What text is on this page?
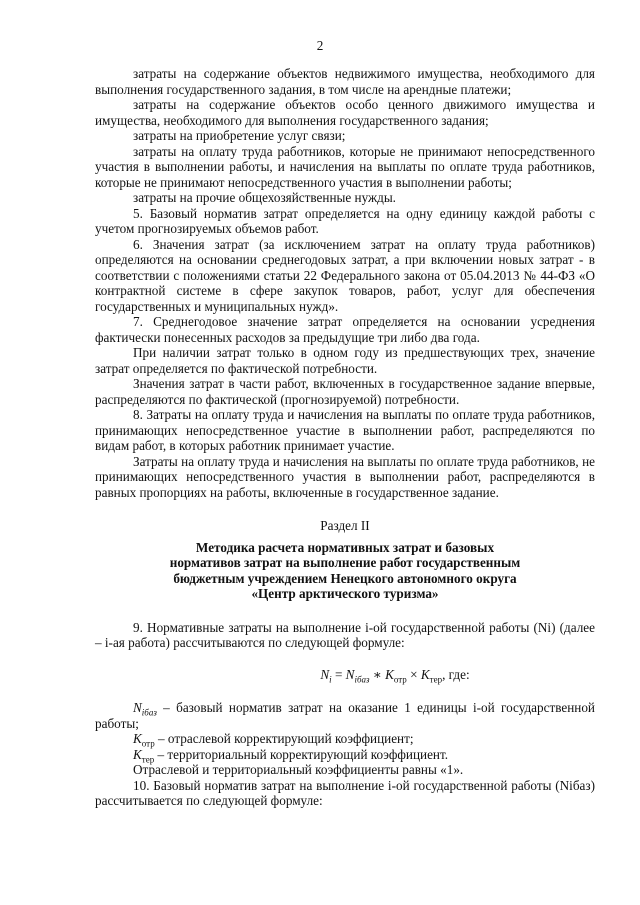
2

затраты на содержание объектов недвижимого имущества, необходимого для выполнения государственного задания, в том числе на арендные платежи;

затраты на содержание объектов особо ценного движимого имущества и имущества, необходимого для выполнения государственного задания;

затраты на приобретение услуг связи;

затраты на оплату труда работников, которые не принимают непосредственного участия в выполнении работы, и начисления на выплаты по оплате труда работников, которые не принимают непосредственного участия в выполнении работы;

затраты на прочие общехозяйственные нужды.

5. Базовый норматив затрат определяется на одну единицу каждой работы с учетом прогнозируемых объемов работ.

6. Значения затрат (за исключением затрат на оплату труда работников) определяются на основании среднегодовых затрат, а при включении новых затрат - в соответствии с положениями статьи 22 Федерального закона от 05.04.2013 № 44-ФЗ «О контрактной системе в сфере закупок товаров, работ, услуг для обеспечения государственных и муниципальных нужд».

7. Среднегодовое значение затрат определяется на основании усреднения фактически понесенных расходов за предыдущие три либо два года.

При наличии затрат только в одном году из предшествующих трех, значение затрат определяется по фактической потребности.

Значения затрат в части работ, включенных в государственное задание впервые, распределяются по фактической (прогнозируемой) потребности.

8. Затраты на оплату труда и начисления на выплаты по оплате труда работников, принимающих непосредственное участие в выполнении работ, распределяются по видам работ, в которых работник принимает участие.

Затраты на оплату труда и начисления на выплаты по оплате труда работников, не принимающих непосредственного участия в выполнении работ, распределяются в равных пропорциях на работы, включенные в государственное задание.

Раздел II

Методика расчета нормативных затрат и базовых

нормативов затрат на выполнение работ государственным

бюджетным учреждением Ненецкого автономного округа

«Центр арктического туризма»

9. Нормативные затраты на выполнение i-ой государственной работы (Ni) (далее – i-ая работа) рассчитываются по следующей формуле:

$N_i = N_{iбаз}$ ∗ $K_{отр} \times K_{тер}$, где:

$N_{iбаз}$ – базовый норматив затрат на оказание 1 единицы i-ой государственной работы;

$K_{отр}$ – отраслевой корректирующий коэффициент;

$K_{тер}$ – территориальный корректирующий коэффициент.

Отраслевой и территориальный коэффициенты равны «1».

10. Базовый норматив затрат на выполнение i-ой государственной работы (Niбаз) рассчитывается по следующей формуле:
